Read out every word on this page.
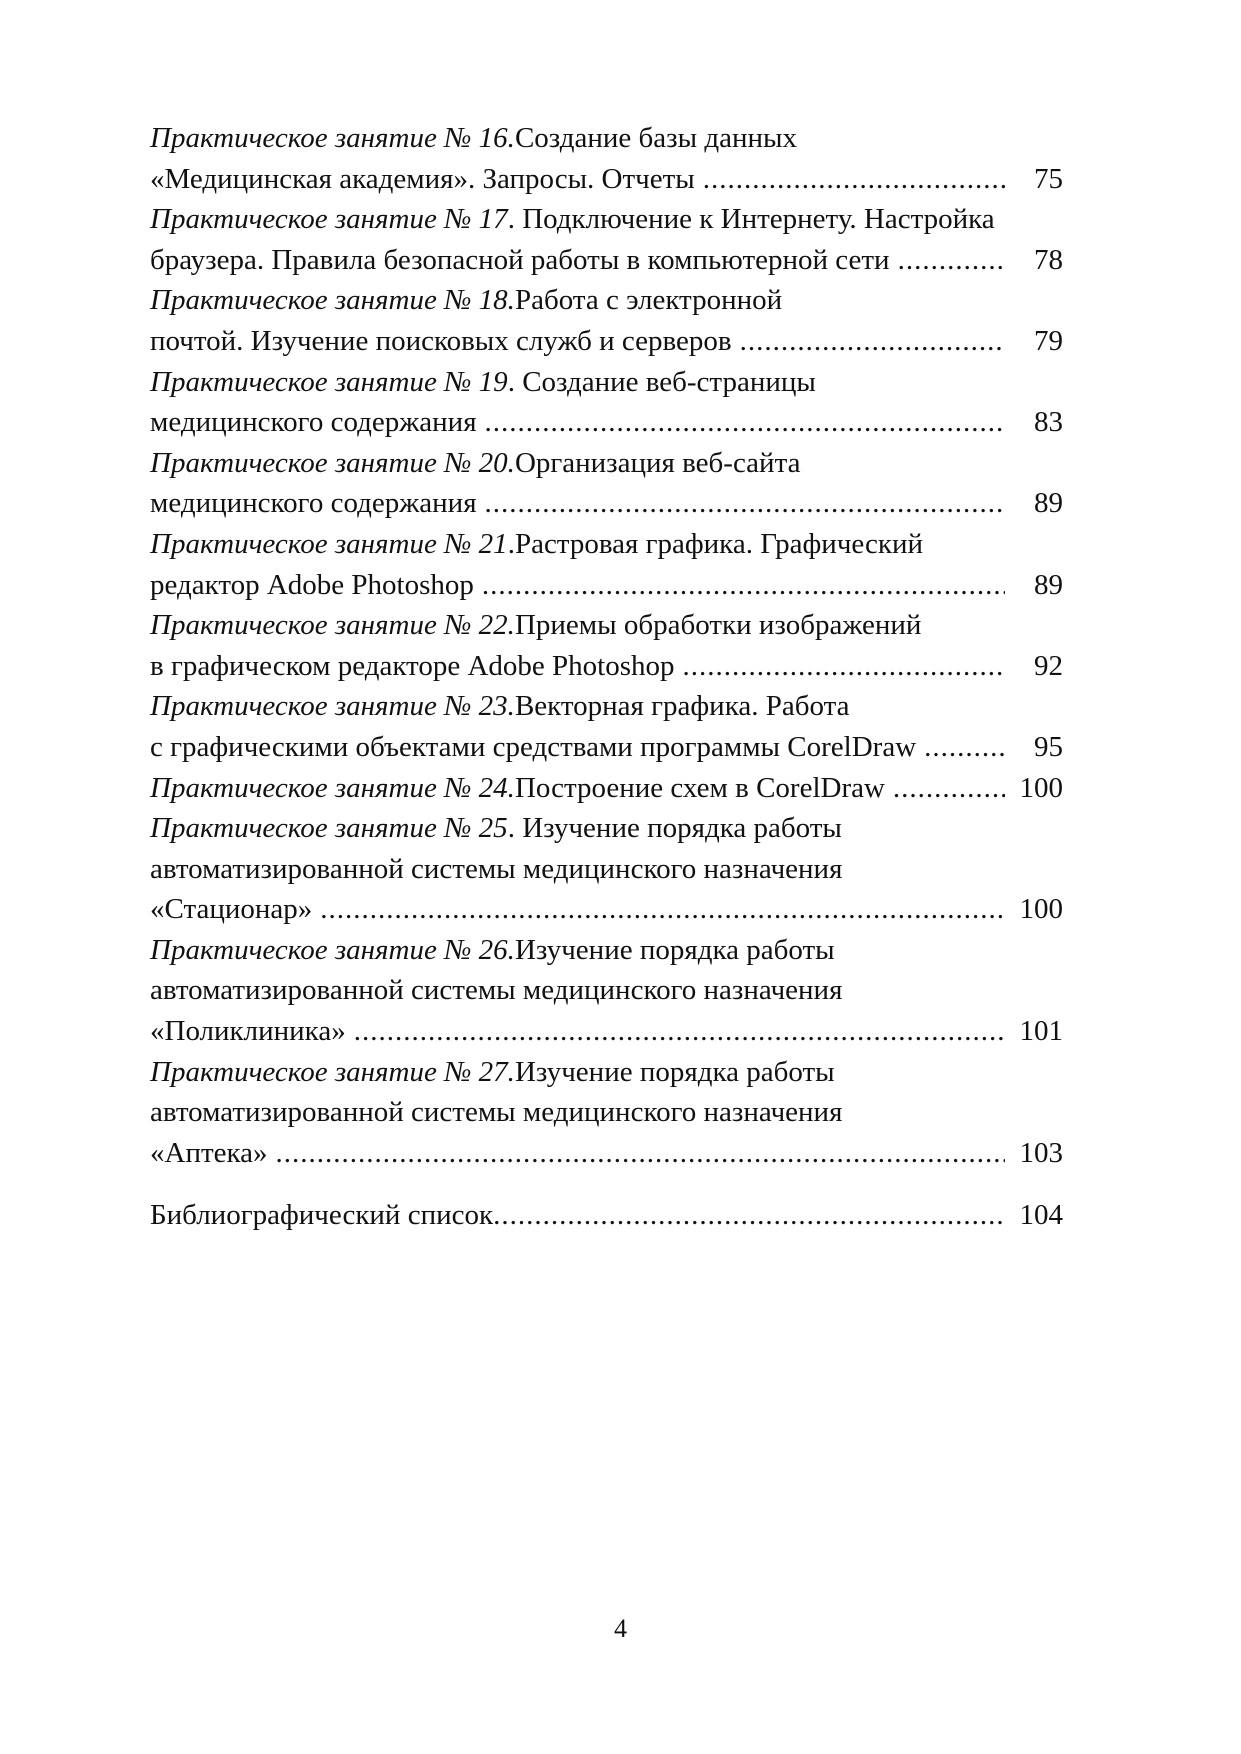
Практическое занятие № 16. Создание базы данных
«Медицинская академия». Запросы. Отчеты .....	75
Практическое занятие № 17 . Подключение к Интернету. Настройка
браузера. Правила безопасной работы в компьютерной сети .....	78
Практическое занятие № 18. Работа с электронной
почтой. Изучение поисковых служб и серверов .....	79
Практическое занятие № 19 . Создание веб-страницы
медицинского содержания .....	83
Практическое занятие № 20. Организация веб-сайта
медицинского содержания .....	89
Практическое занятие № 21 .Растровая графика. Графический
редактор Adobe Photoshop .....	89
Практическое занятие № 22. Приемы обработки изображений
в графическом редакторе Adobe Photoshop .....	92
Практическое занятие № 23. Векторная графика. Работа
с графическими объектами средствами программы CorelDraw .....	95
Практическое занятие № 24. Построение схем в CorelDraw .....	100
Практическое занятие № 25 . Изучение порядка работы
автоматизированной системы медицинского назначения
«Стационар» .....	100
Практическое занятие № 26. Изучение порядка работы
автоматизированной системы медицинского назначения
«Поликлиника» .....	101
Практическое занятие № 27. Изучение порядка работы
автоматизированной системы медицинского назначения
«Аптека» .....	103
Библиографический список .....	104
4
